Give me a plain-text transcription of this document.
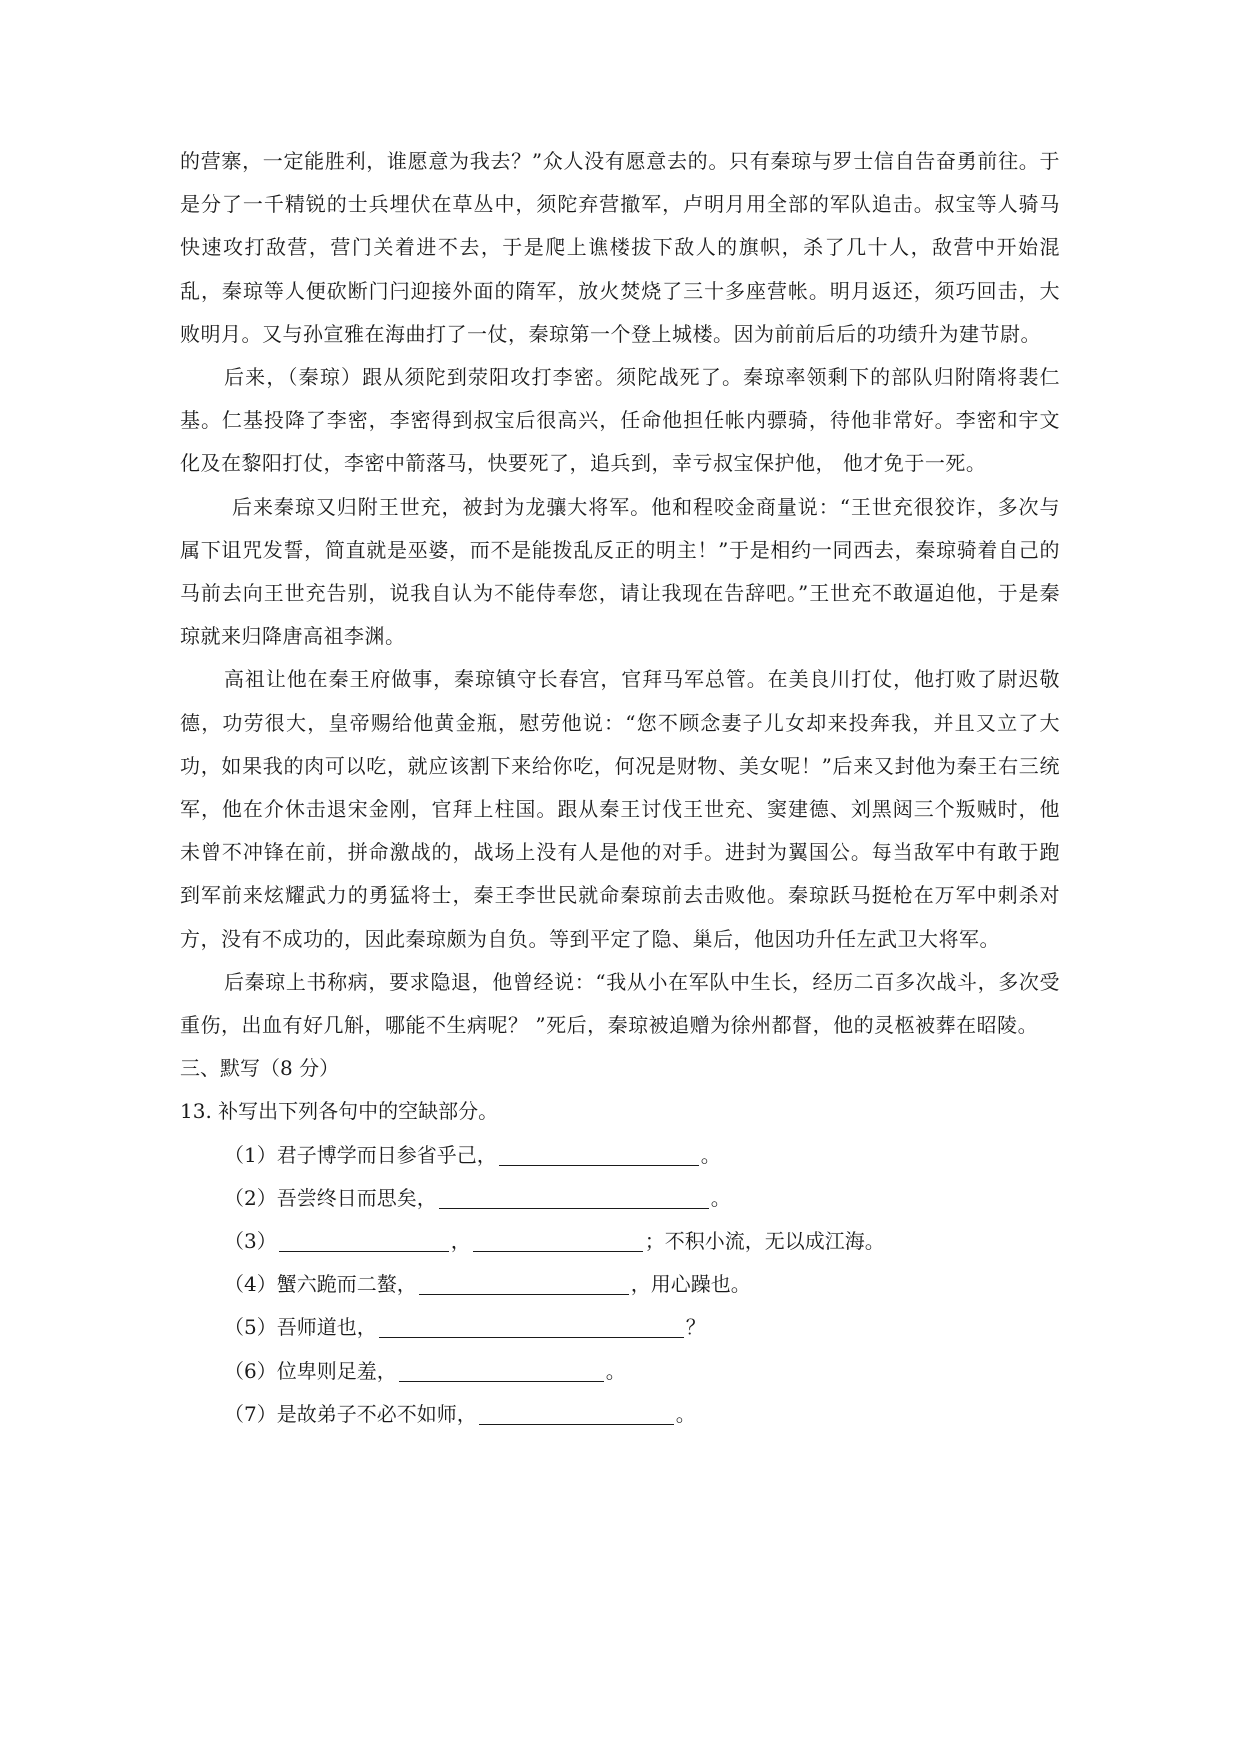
的营寨，一定能胜利，谁愿意为我去？”众人没有愿意去的。只有秦琼与罗士信自告奋勇前往。于是分了一千精锐的士兵埋伏在草丛中，须陀弃营撤军，卢明月用全部的军队追击。叔宝等人骑马快速攻打敌营，营门关着进不去，于是爬上谯楼拔下敌人的旗帜，杀了几十人，敌营中开始混乱，秦琼等人便砍断门闩迎接外面的隋军，放火焚烧了三十多座营帐。明月返还，须巧回击，大败明月。又与孙宣雅在海曲打了一仗，秦琼第一个登上城楼。因为前前后后的功绩升为建节尉。

后来，（秦琼）跟从须陀到荥阳攻打李密。须陀战死了。秦琼率领剩下的部队归附隋将裴仁基。仁基投降了李密，李密得到叔宝后很高兴，任命他担任帐内骠骑，待他非常好。李密和宇文化及在黎阳打仗，李密中箭落马，快要死了，追兵到，幸亏叔宝保护他， 他才免于一死。

后来秦琼又归附王世充，被封为龙骧大将军。他和程咬金商量说：“王世充很狡诈，多次与属下诅咒发誓，简直就是巫婆，而不是能拨乱反正的明主！”于是相约一同西去，秦琼骑着自己的马前去向王世充告别，说我自认为不能侍奉您，请让我现在告辞吧。”王世充不敢逼迫他，于是秦琼就来归降唐高祖李渊。

高祖让他在秦王府做事，秦琼镇守长春宫，官拜马军总管。在美良川打仗，他打败了尉迟敬德，功劳很大，皇帝赐给他黄金瓶，慰劳他说：“您不顾念妻子儿女却来投奔我，并且又立了大功，如果我的肉可以吃，就应该割下来给你吃，何况是财物、美女呢！”后来又封他为秦王右三统军，他在介休击退宋金刚，官拜上柱国。跟从秦王讨伐王世充、窦建德、刘黑闼三个叛贼时，他未曾不冲锋在前，拼命激战的，战场上没有人是他的对手。进封为翼国公。每当敌军中有敢于跑到军前来炫耀武力的勇猛将士，秦王李世民就命秦琼前去击败他。秦琼跃马挺枪在万军中刺杀对方，没有不成功的，因此秦琼颇为自负。等到平定了隐、巢后，他因功升任左武卫大将军。

后秦琼上书称病，要求隐退，他曾经说：“我从小在军队中生长，经历二百多次战斗，多次受重伤，出血有好几斛，哪能不生病呢？ ”死后，秦琼被追赠为徐州都督，他的灵柩被葬在昭陵。

三、默写（8 分）

13. 补写出下列各句中的空缺部分。

（1）君子博学而日参省乎己，	。

（2）吾尝终日而思矣，	。

（3）	，	；不积小流，无以成江海。

（4）蟹六跪而二螯，	，用心躁也。

（5）吾师道也，	？

（6）位卑则足羞，	。

（7）是故弟子不必不如师，	。
